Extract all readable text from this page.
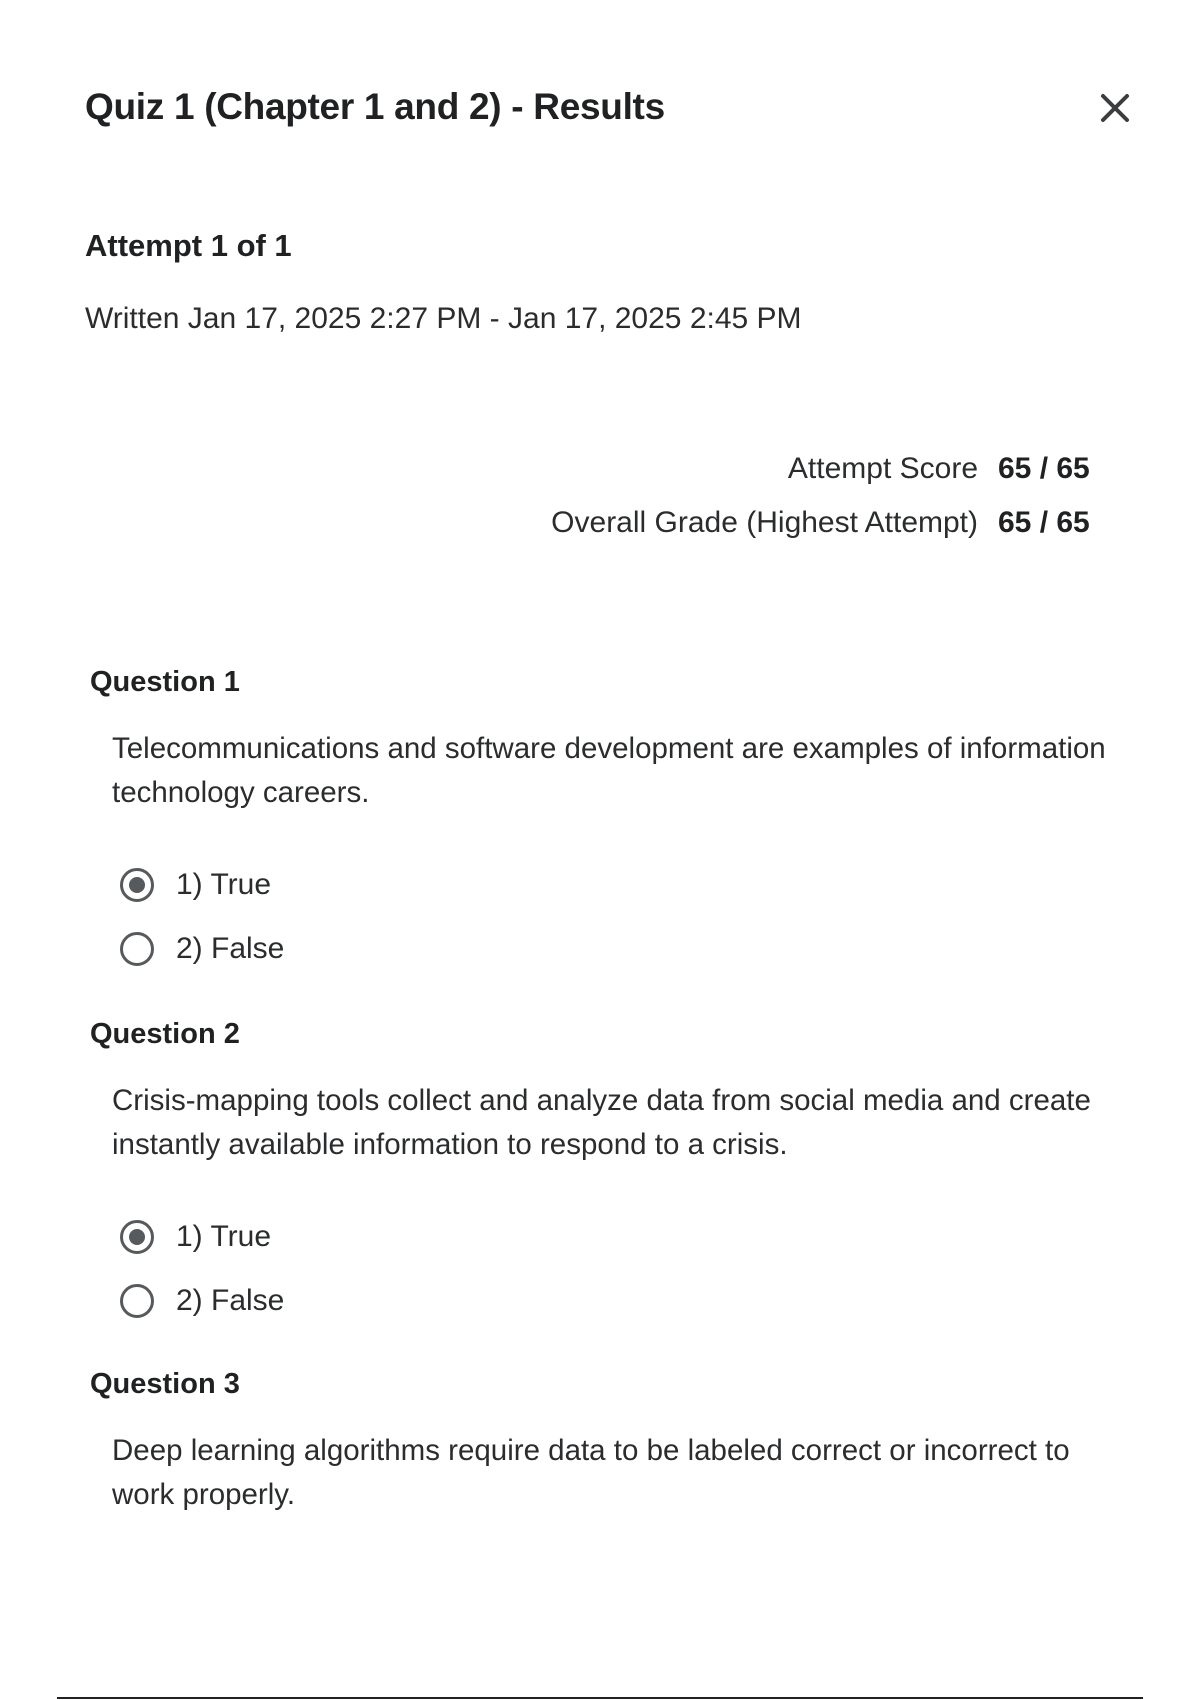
Quiz 1 (Chapter 1 and 2) - Results
Attempt 1 of 1
Written Jan 17, 2025 2:27 PM - Jan 17, 2025 2:45 PM
Attempt Score 65 / 65
Overall Grade (Highest Attempt) 65 / 65
Question 1

Telecommunications and software development are examples of information technology careers.

1) True
2) False
Question 2

Crisis-mapping tools collect and analyze data from social media and create instantly available information to respond to a crisis.

1) True
2) False
Question 3

Deep learning algorithms require data to be labeled correct or incorrect to work properly.
